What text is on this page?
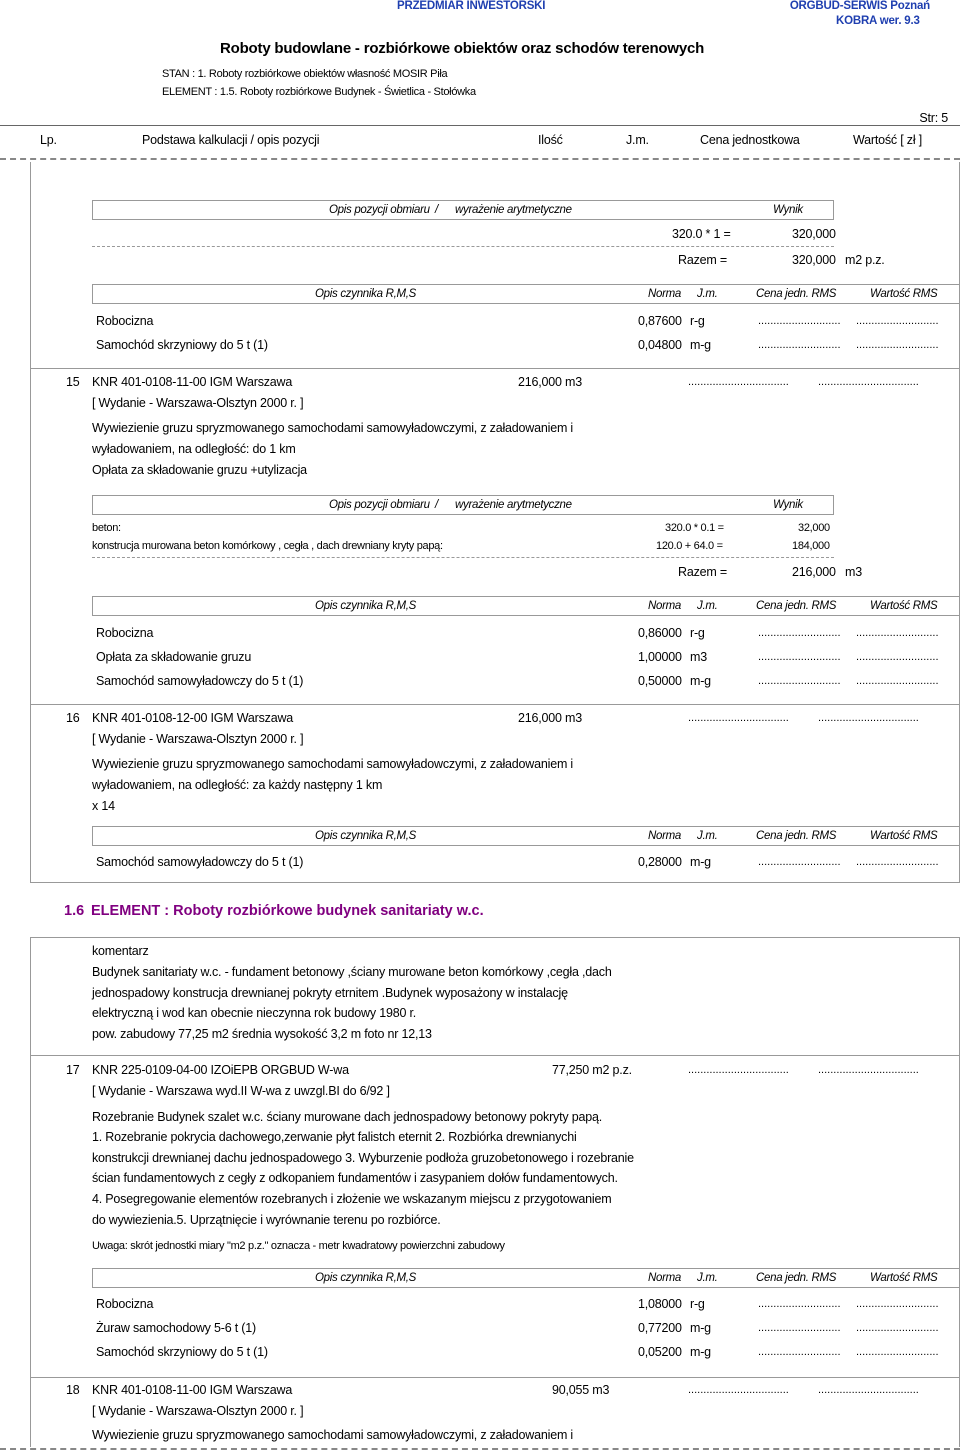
PRZEDMIAR INWESTORSKI	ORGBUD-SERWIS Poznań
KOBRA wer. 9.3
Roboty budowlane - rozbiórkowe obiektów oraz schodów terenowych
STAN : 1. Roboty rozbiórkowe obiektów własność MOSIR Piła
ELEMENT : 1.5. Roboty rozbiórkowe Budynek - Świetlica - Stołówka
Str: 5
Lp.	Podstawa kalkulacji / opis pozycji	Ilość	J.m.	Cena jednostkowa	Wartość [ zł ]
Opis pozycji obmiaru / wyrażenie arytmetyczne	Wynik
320.0 * 1 =	320,000
Razem =	320,000 m2 p.z.
Opis czynnika R,M,S	Norma J.m.	Cena jedn. RMS	Wartość RMS
Robocizna	0,87600 r-g	........................... ...........................
Samochód skrzyniowy do 5 t (1)	0,04800 m-g	........................... ...........................
15 KNR 401-0108-11-00 IGM Warszawa	216,000 m3	.................................	.................................
[ Wydanie - Warszawa-Olsztyn 2000 r. ]
Wywiezienie gruzu spryzmowanego samochodami samowyładowczymi, z załadowaniem i
wyładowaniem, na odległość: do 1 km
Opłata za składowanie gruzu +utylizacja
Opis pozycji obmiaru / wyrażenie arytmetyczne	Wynik
beton:	320.0 * 0.1 =	32,000
konstrucja murowana beton komórkowy , cegła , dach drewniany kryty papą:	120.0 + 64.0 =	184,000
Razem =	216,000 m3
Opis czynnika R,M,S	Norma J.m.	Cena jedn. RMS	Wartość RMS
Robocizna	0,86000 r-g	........................... ...........................
Opłata za składowanie gruzu	1,00000 m3	........................... ...........................
Samochód samowyładowczy do 5 t (1)	0,50000 m-g	........................... ...........................
16 KNR 401-0108-12-00 IGM Warszawa	216,000 m3	.................................	.................................
[ Wydanie - Warszawa-Olsztyn 2000 r. ]
Wywiezienie gruzu spryzmowanego samochodami samowyładowczymi, z załadowaniem i
wyładowaniem, na odległość: za każdy następny 1 km
x 14
Opis czynnika R,M,S	Norma J.m.	Cena jedn. RMS	Wartość RMS
Samochód samowyładowczy do 5 t (1)	0,28000 m-g	........................... ...........................
1.6 ELEMENT : Roboty rozbiórkowe budynek sanitariaty w.c.
komentarz
Budynek sanitariaty w.c. - fundament betonowy ,ściany murowane beton komórkowy ,cegła ,dach
jednospadowy konstrucja drewnianej pokryty etrnitem .Budynek wyposażony w instalację
elektryczną i wod kan obecnie nieczynna rok budowy 1980 r.
pow. zabudowy 77,25 m2 średnia wysokość 3,2 m foto nr 12,13
17 KNR 225-0109-04-00 IZOiEPB ORGBUD W-wa	77,250 m2 p.z.	.................................	.................................
[ Wydanie - Warszawa wyd.II W-wa z uwzgl.BI do 6/92 ]
Rozebranie Budynek szalet w.c. ściany murowane dach jednospadowy betonowy pokryty papą.
1. Rozebranie pokrycia dachowego,zerwanie płyt falistch eternit 2. Rozbiórka drewnianychi
konstrukcji drewnianej dachu jednospadowego 3. Wyburzenie podłoża gruzobetonowego i rozebranie
ścian fundamentowych z cegły z odkopaniem fundamentów i zasypaniem dołów fundamentowych.
4. Posegregowanie elementów rozebranych i złożenie we wskazanym miejscu z przygotowaniem
do wywiezienia.5. Uprzątnięcie i wyrównanie terenu po rozbiórce.
Uwaga: skrót jednostki miary "m2 p.z." oznacza - metr kwadratowy powierzchni zabudowy
Opis czynnika R,M,S	Norma J.m.	Cena jedn. RMS	Wartość RMS
Robocizna	1,08000 r-g	........................... ...........................
Żuraw samochodowy 5-6 t (1)	0,77200 m-g	........................... ...........................
Samochód skrzyniowy do 5 t (1)	0,05200 m-g	........................... ...........................
18 KNR 401-0108-11-00 IGM Warszawa	90,055 m3	.................................	.................................
[ Wydanie - Warszawa-Olsztyn 2000 r. ]
Wywiezienie gruzu spryzmowanego samochodami samowyładowczymi, z załadowaniem i
